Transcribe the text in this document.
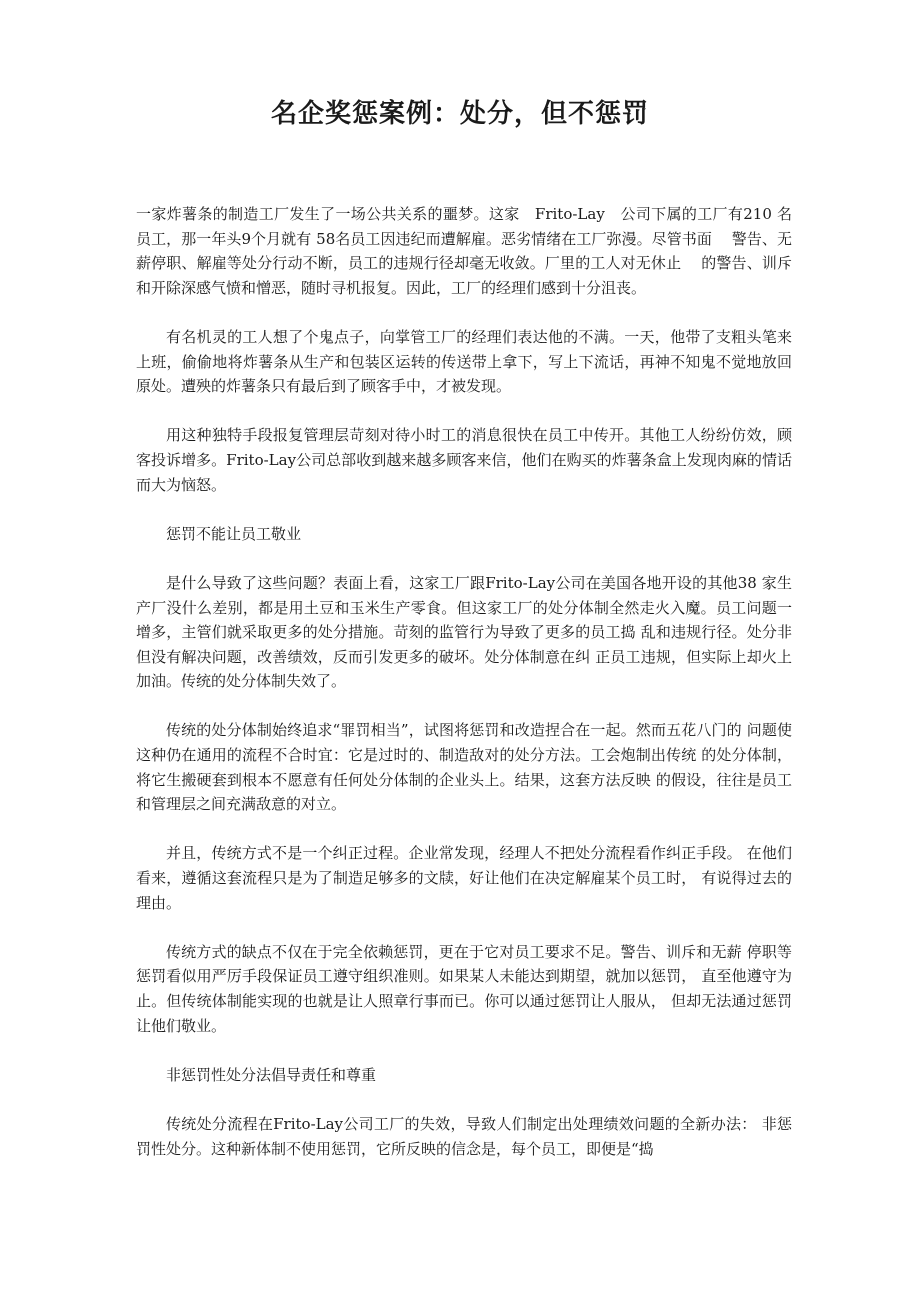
名企奖惩案例：处分，但不惩罚

一家炸薯条的制造工厂发生了一场公共关系的噩梦。这家　Frito-Lay　公司下属的工厂有210 名员工，那一年头9个月就有 58名员工因违纪而遭解雇。恶劣情绪在工厂弥漫。尽管书面　 警告、无薪停职、解雇等处分行动不断，员工的违规行径却毫无收敛。厂里的工人对无休止　 的警告、训斥和开除深感气愤和憎恶，随时寻机报复。因此，工厂的经理们感到十分沮丧。

有名机灵的工人想了个鬼点子，向掌管工厂的经理们表达他的不满。一天，他带了支粗头笔来上班，偷偷地将炸薯条从生产和包装区运转的传送带上拿下，写上下流话，再神不知鬼不觉地放回原处。遭殃的炸薯条只有最后到了顾客手中，才被发现。

用这种独特手段报复管理层苛刻对待小时工的消息很快在员工中传开。其他工人纷纷仿效，顾客投诉增多。Frito-Lay公司总部收到越来越多顾客来信，他们在购买的炸薯条盒上发现肉麻的情话而大为恼怒。

惩罚不能让员工敬业

是什么导致了这些问题？表面上看，这家工厂跟Frito-Lay公司在美国各地开设的其他38 家生产厂没什么差别，都是用土豆和玉米生产零食。但这家工厂的处分体制全然走火入魔。员工问题一增多，主管们就采取更多的处分措施。苛刻的监管行为导致了更多的员工捣 乱和违规行径。处分非但没有解决问题，改善绩效，反而引发更多的破坏。处分体制意在纠 正员工违规，但实际上却火上加油。传统的处分体制失效了。

传统的处分体制始终追求“罪罚相当”，试图将惩罚和改造捏合在一起。然而五花八门的 问题使这种仍在通用的流程不合时宜：它是过时的、制造敌对的处分方法。工会炮制出传统 的处分体制，将它生搬硬套到根本不愿意有任何处分体制的企业头上。结果，这套方法反映 的假设，往往是员工和管理层之间充满敌意的对立。

并且，传统方式不是一个纠正过程。企业常发现，经理人不把处分流程看作纠正手段。 在他们看来，遵循这套流程只是为了制造足够多的文牍，好让他们在决定解雇某个员工时， 有说得过去的理由。

传统方式的缺点不仅在于完全依赖惩罚，更在于它对员工要求不足。警告、训斥和无薪 停职等惩罚看似用严厉手段保证员工遵守组织准则。如果某人未能达到期望，就加以惩罚， 直至他遵守为止。但传统体制能实现的也就是让人照章行事而已。你可以通过惩罚让人服从， 但却无法通过惩罚让他们敬业。

非惩罚性处分法倡导责任和尊重

传统处分流程在Frito-Lay公司工厂的失效，导致人们制定出处理绩效问题的全新办法： 非惩罚性处分。这种新体制不使用惩罚，它所反映的信念是，每个员工，即便是“捣
